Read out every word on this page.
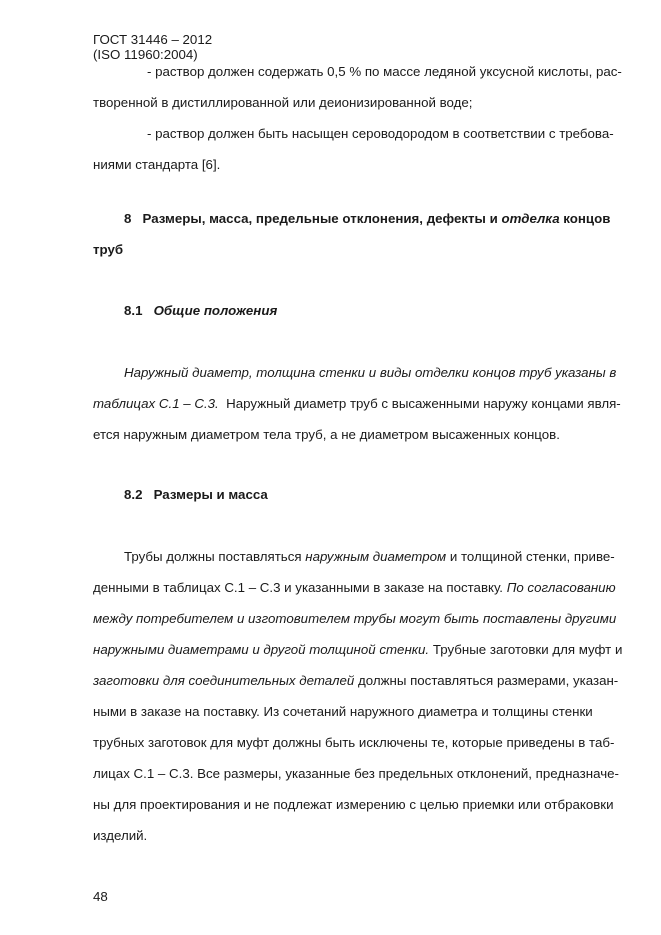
ГОСТ 31446 – 2012
(ISO 11960:2004)
- раствор должен содержать 0,5 % по массе ледяной уксусной кислоты, рас-
творенной в дистиллированной или деионизированной воде;
- раствор должен быть насыщен сероводородом в соответствии с требова-
ниями стандарта [6].
8 Размеры, масса, предельные отклонения, дефекты и отделка концов
труб
8.1 Общие положения
Наружный диаметр, толщина стенки и виды отделки концов труб указаны в
таблицах С.1 – С.3.  Наружный диаметр труб с высаженными наружу концами явля-
ется наружным диаметром тела труб, а не диаметром высаженных концов.
8.2 Размеры и масса
Трубы должны поставляться наружным диаметром и толщиной стенки, приве-
денными в таблицах С.1 – С.3 и указанными в заказе на поставку. По согласованию
между потребителем и изготовителем трубы могут быть поставлены другими
наружными диаметрами и другой толщиной стенки. Трубные заготовки для муфт и
заготовки для соединительных деталей должны поставляться размерами, указан-
ными в заказе на поставку. Из сочетаний наружного диаметра и толщины стенки
трубных заготовок для муфт должны быть исключены те, которые приведены в таб-
лицах С.1 – С.3. Все размеры, указанные без предельных отклонений, предназначе-
ны для проектирования и не подлежат измерению с целью приемки или отбраковки
изделий.
48
